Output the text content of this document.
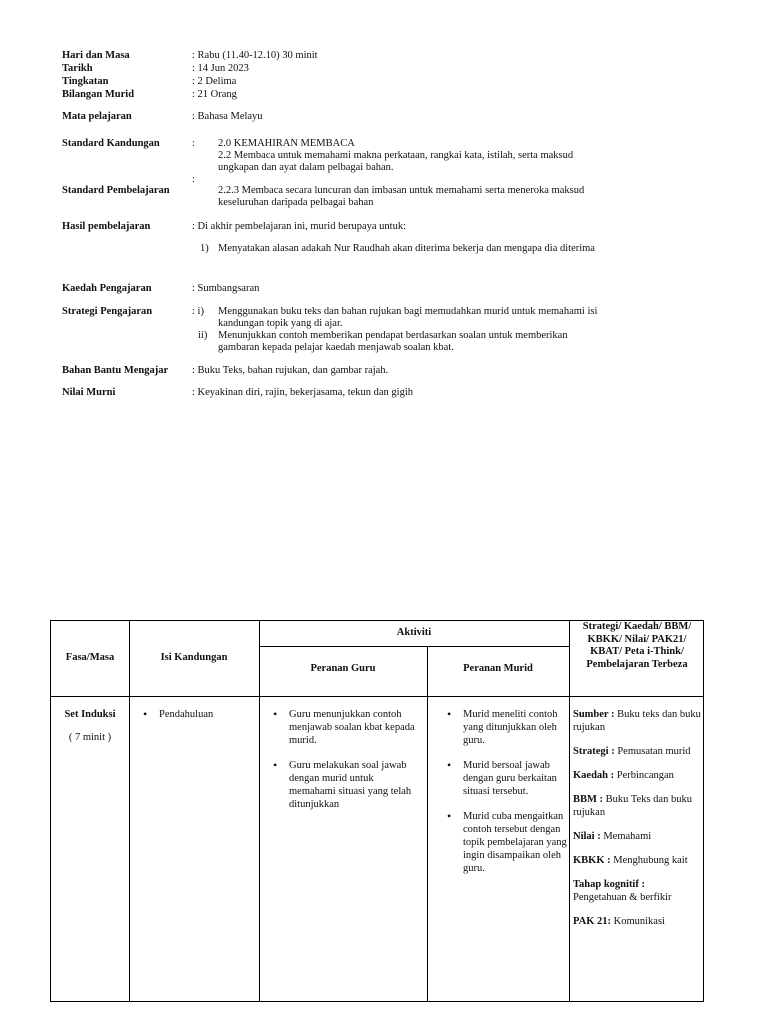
Hari dan Masa	: Rabu (11.40-12.10) 30 minit
Tarikh	: 14 Jun 2023
Tingkatan	: 2 Delima
Bilangan Murid	: 21 Orang
Mata pelajaran	: Bahasa Melayu
Standard Kandungan	: 2.0 KEMAHIRAN MEMBACA
2.2 Membaca untuk memahami makna perkataan, rangkai kata, istilah, serta maksud
ungkapan dan ayat dalam pelbagai bahan.
:
Standard Pembelajaran	2.2.3 Membaca secara luncuran dan imbasan untuk memahami serta meneroka maksud
keseluruhan daripada pelbagai bahan
Hasil pembelajaran	: Di akhir pembelajaran ini, murid berupaya untuk:
1) Menyatakan alasan adakah Nur Raudhah akan diterima bekerja dan mengapa dia diterima
Kaedah Pengajaran	: Sumbangsaran
Strategi Pengajaran	: i) Menggunakan buku teks dan bahan rujukan bagi memudahkan murid untuk memahami isi
kandungan topik yang di ajar.
ii) Menunjukkan contoh memberikan pendapat berdasarkan soalan untuk memberikan
gambaran kepada pelajar kaedah menjawab soalan kbat.
Bahan Bantu Mengajar : Buku Teks, bahan rujukan, dan gambar rajah.
Nilai Murni	: Keyakinan diri, rajin, bekerjasama, tekun dan gigih
Fasa/Masa	Isi Kandungan
Aktiviti
Peranan Guru	Peranan Murid
Strategi/ Kaedah/ BBM/ KBKK/ Nilai/ PAK21/ KBAT/ Peta i-Think/ Pembelajaran Terbeza
Set Induksi
( 7 minit )
• Pendahuluan
•	Guru menunjukkan contoh menjawab soalan kbat kepada murid.
• Guru melakukan soal jawab dengan murid untuk memahami situasi yang telah ditunjukkan
• Murid meneliti contoh yang ditunjukkan oleh guru.
• Murid bersoal jawab dengan guru berkaitan situasi tersebut.
• Murid cuba mengaitkan contoh tersebut dengan topik pembelajaran yang ingin disampaikan oleh guru.

Sumber : Buku teks dan buku rujukan

Strategi : Pemusatan murid

Kaedah : Perbincangan

BBM : Buku Teks dan buku rujukan

Nilai : Memahami

KBKK : Menghubung kait

Tahap kognitif : Pengetahuan & berfikir

PAK 21: Komunikasi
